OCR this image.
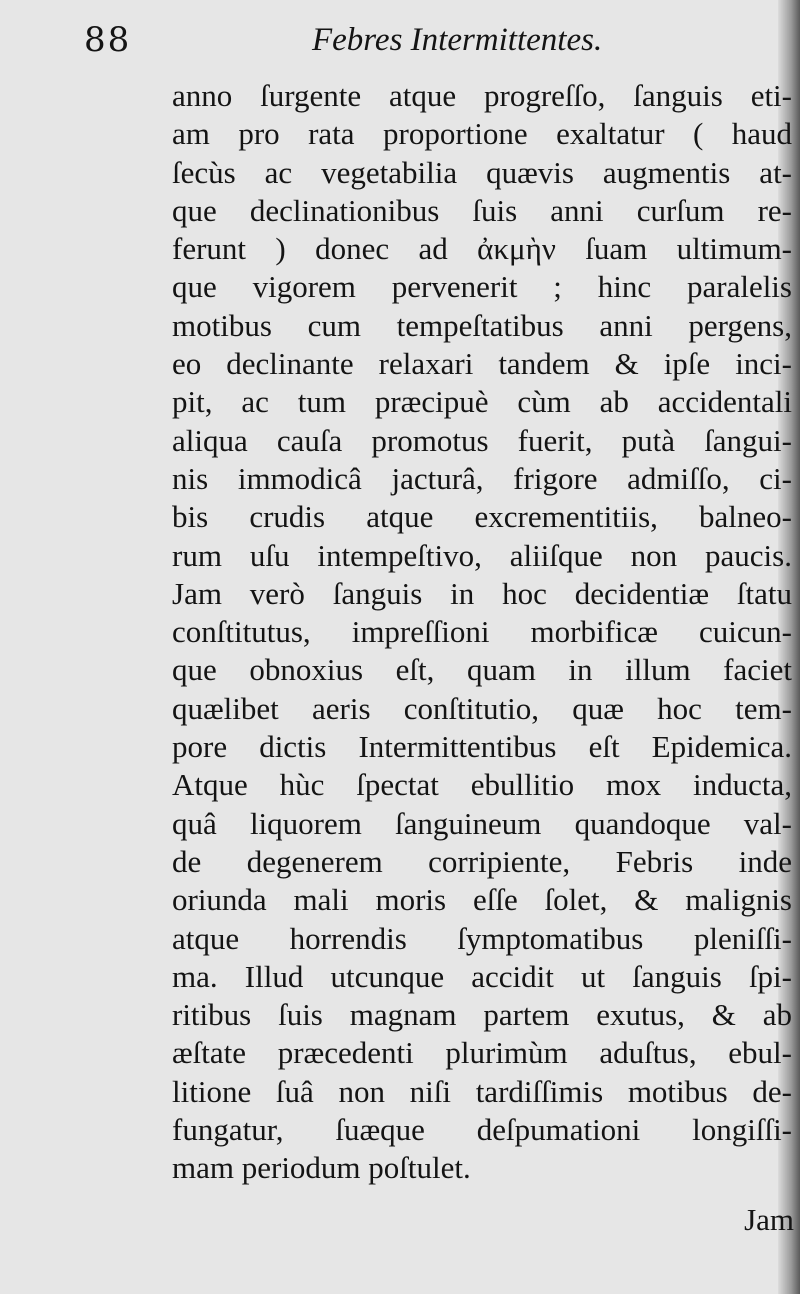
88	Febres Intermittentes.
anno ſurgente atque progreſſo, ſanguis eti-
am pro rata proportione exaltatur ( haud
ſecùs ac vegetabilia quævis augmentis at-
que declinationibus ſuis anni curſum re-
ferunt ) donec ad ἀκμὴν ſuam ultimum-
que vigorem pervenerit ; hinc paralelis
motibus cum tempeſtatibus anni pergens,
eo declinante relaxari tandem & ipſe inci-
pit, ac tum præcipuè cùm ab accidentali
aliqua cauſa promotus fuerit, putà ſangui-
nis immodicâ jacturâ, frigore admiſſo, ci-
bis crudis atque excrementitiis, balneo-
rum uſu intempeſtivo, aliiſque non paucis.
Jam verò ſanguis in hoc decidentiæ ſtatu
conſtitutus, impreſſioni morbificæ cuicun-
que obnoxius eſt, quam in illum faciet
quælibet aeris conſtitutio, quæ hoc tem-
pore dictis Intermittentibus eſt Epidemica.
Atque hùc ſpectat ebullitio mox inducta,
quâ liquorem ſanguineum quandoque val-
de degenerem corripiente, Febris inde
oriunda mali moris eſſe ſolet, & malignis
atque horrendis ſymptomatibus pleniſſi-
ma. Illud utcunque accidit ut ſanguis ſpi-
ritibus ſuis magnam partem exutus, & ab
æſtate præcedenti plurimùm aduſtus, ebul-
litione ſuâ non niſi tardiſſimis motibus de-
fungatur, ſuæque deſpumationi longiſſi-
mam periodum poſtulet.
Jam
